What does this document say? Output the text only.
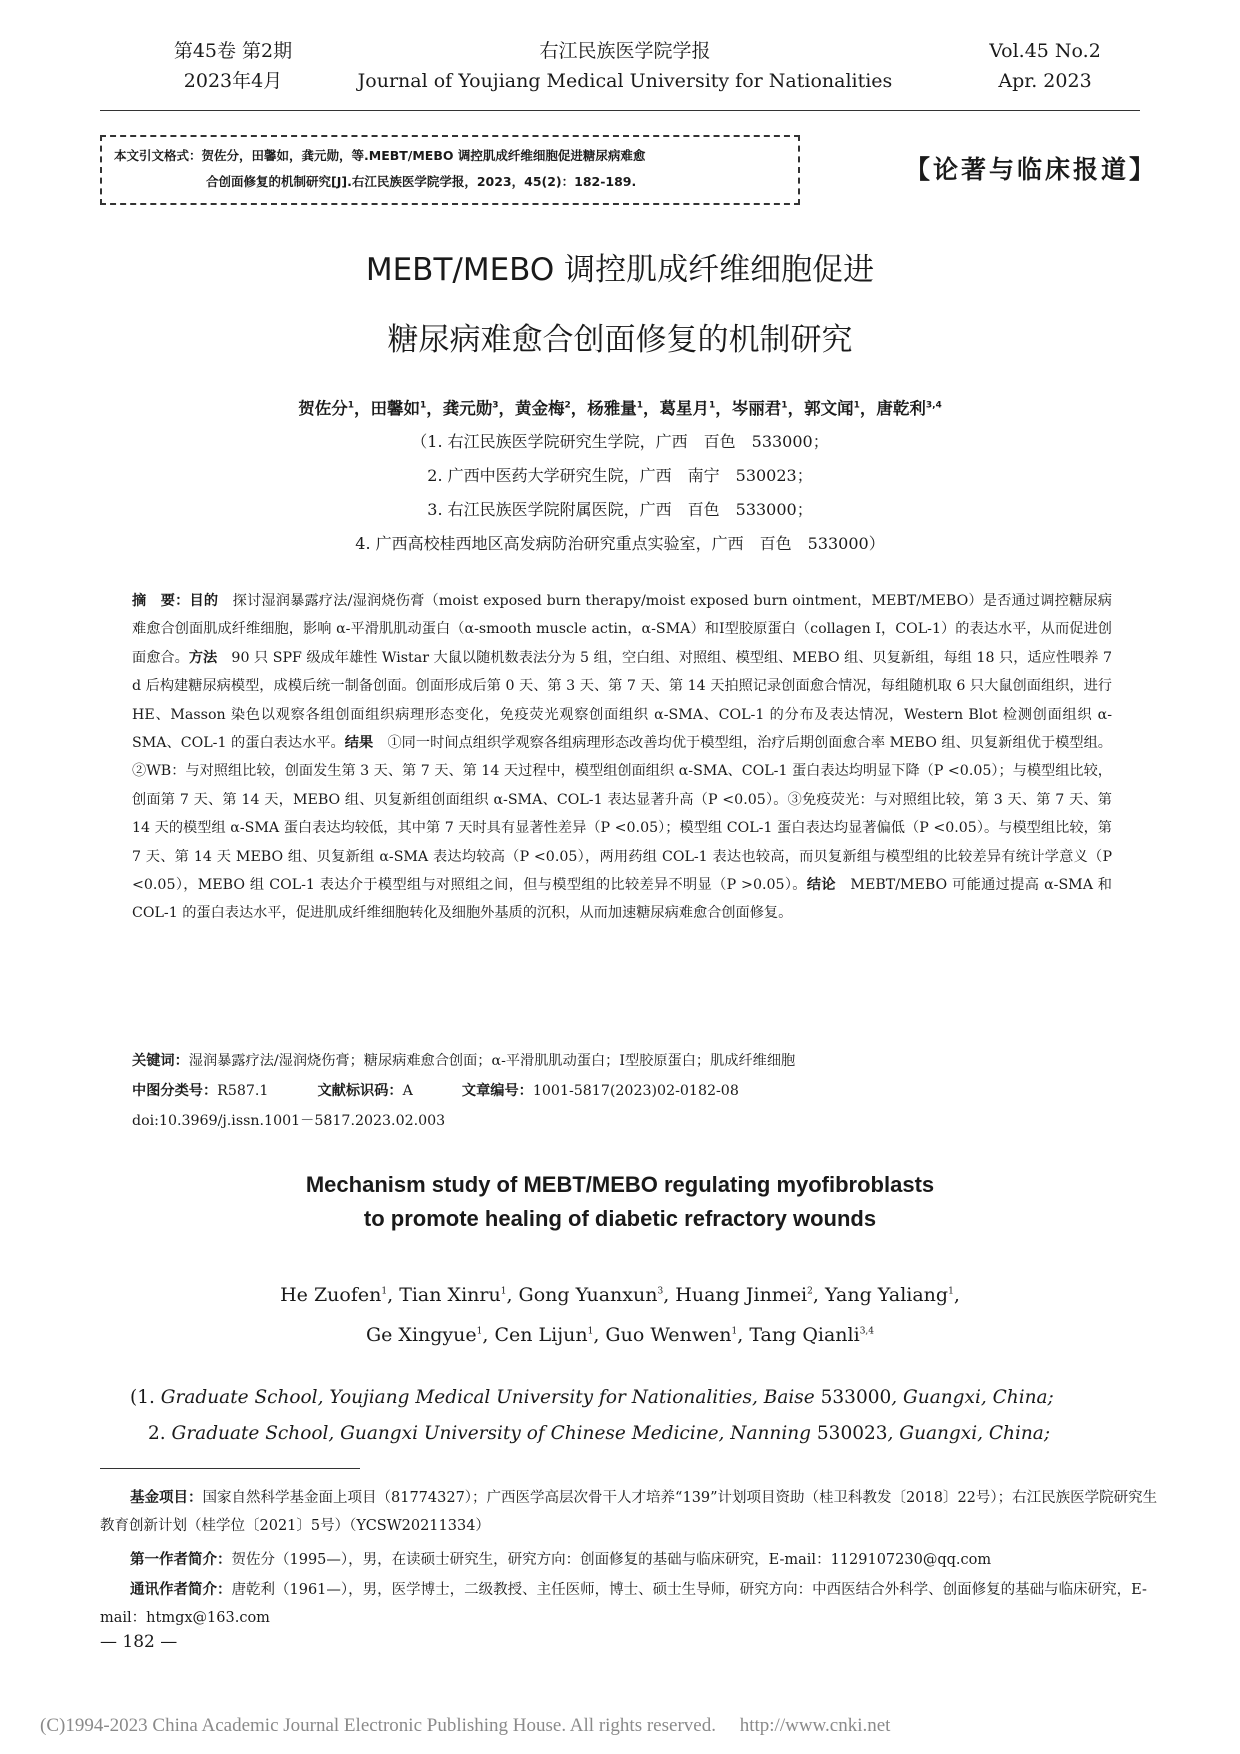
第45卷 第2期
2023年4月
右江民族医学院学报
Journal of Youjiang Medical University for Nationalities
Vol.45 No.2
Apr. 2023
本文引文格式：贺佐分，田馨如，龚元勋，等.MEBT/MEBO 调控肌成纤维细胞促进糖尿病难愈
合创面修复的机制研究[J].右江民族医学院学报，2023，45(2)：182-189.	【论著与临床报道】
MEBT/MEBO 调控肌成纤维细胞促进
糖尿病难愈合创面修复的机制研究
贺佐分$^1$，田馨如$^1$，龚元勋$^3$，黄金梅$^2$，杨雅量$^1$，葛星月$^1$，岑丽君$^1$，郭文闻$^1$，唐乾利$^{3,4}$
（1. 右江民族医学院研究生学院，广西　百色　533000；
2. 广西中医药大学研究生院，广西　南宁　530023；
3. 右江民族医学院附属医院，广西　百色　533000；
4. 广西高校桂西地区高发病防治研究重点实验室，广西　百色　533000）
摘　要：目的　探讨湿润暴露疗法/湿润烧伤膏（moist exposed burn therapy/moist exposed burn ointment，MEBT/MEBO）是否通过调控糖尿病难愈合创面肌成纤维细胞，影响 α-平滑肌肌动蛋白（α-smooth muscle actin，α-SMA）和Ⅰ型胶原蛋白（collagen Ⅰ，COL-1）的表达水平，从而促进创面愈合。方法　90 只 SPF 级成年雄性 Wistar 大鼠以随机数表法分为 5 组，空白组、对照组、模型组、MEBO 组、贝复新组，每组 18 只，适应性喂养 7 d 后构建糖尿病模型，成模后统一制备创面。创面形成后第 0 天、第 3 天、第 7 天、第 14 天拍照记录创面愈合情况，每组随机取 6 只大鼠创面组织，进行 HE、Masson 染色以观察各组创面组织病理形态变化，免疫荧光观察创面组织 α-SMA、COL-1 的分布及表达情况，Western Blot 检测创面组织 α-SMA、COL-1 的蛋白表达水平。结果　①同一时间点组织学观察各组病理形态改善均优于模型组，治疗后期创面愈合率 MEBO 组、贝复新组优于模型组。②WB：与对照组比较，创面发生第 3 天、第 7 天、第 14 天过程中，模型组创面组织 α-SMA、COL-1 蛋白表达均明显下降（P <0.05）；与模型组比较，创面第 7 天、第 14 天，MEBO 组、贝复新组创面组织 α-SMA、COL-1 表达显著升高（P <0.05）。③免疫荧光：与对照组比较，第 3 天、第 7 天、第 14 天的模型组 α-SMA 蛋白表达均较低，其中第 7 天时具有显著性差异（P <0.05）；模型组 COL-1 蛋白表达均显著偏低（P <0.05）。与模型组比较，第 7 天、第 14 天 MEBO 组、贝复新组 α-SMA 表达均较高（P <0.05），两用药组 COL-1 表达也较高，而贝复新组与模型组的比较差异有统计学意义（P <0.05），MEBO 组 COL-1 表达介于模型组与对照组之间，但与模型组的比较差异不明显（P >0.05）。结论　MEBT/MEBO 可能通过提高 α-SMA 和 COL-1 的蛋白表达水平，促进肌成纤维细胞转化及细胞外基质的沉积，从而加速糖尿病难愈合创面修复。
关键词：湿润暴露疗法/湿润烧伤膏；糖尿病难愈合创面；α-平滑肌肌动蛋白；Ⅰ型胶原蛋白；肌成纤维细胞
中图分类号：R587.1	文献标识码：A	文章编号：1001-5817(2023)02-0182-08
doi:10.3969/j.issn.1001－5817.2023.02.003
Mechanism study of MEBT/MEBO regulating myofibroblasts
to promote healing of diabetic refractory wounds
He Zuofen$^1$, Tian Xinru$^1$, Gong Yuanxun$^3$, Huang Jinmei$^2$, Yang Yaliang$^1$,
Ge Xingyue$^1$, Cen Lijun$^1$, Guo Wenwen$^1$, Tang Qianli$^{3,4}$
(1. Graduate School, Youjiang Medical University for Nationalities, Baise 533000, Guangxi, China;
2. Graduate School, Guangxi University of Chinese Medicine, Nanning 530023, Guangxi, China;
基金项目：国家自然科学基金面上项目（81774327）；广西医学高层次骨干人才培养“139”计划项目资助（桂卫科教发〔2018〕22号）；右江民族医学院研究生教育创新计划（桂学位〔2021〕5号）（YCSW20211334）
第一作者简介：贺佐分（1995—），男，在读硕士研究生，研究方向：创面修复的基础与临床研究，E-mail：1129107230@qq.com
通讯作者简介：唐乾利（1961—），男，医学博士，二级教授、主任医师，博士、硕士生导师，研究方向：中西医结合外科学、创面修复的基础与临床研究，E-mail：htmgx@163.com
— 182 —
(C)1994-2023 China Academic Journal Electronic Publishing House. All rights reserved.　 http://www.cnki.net
